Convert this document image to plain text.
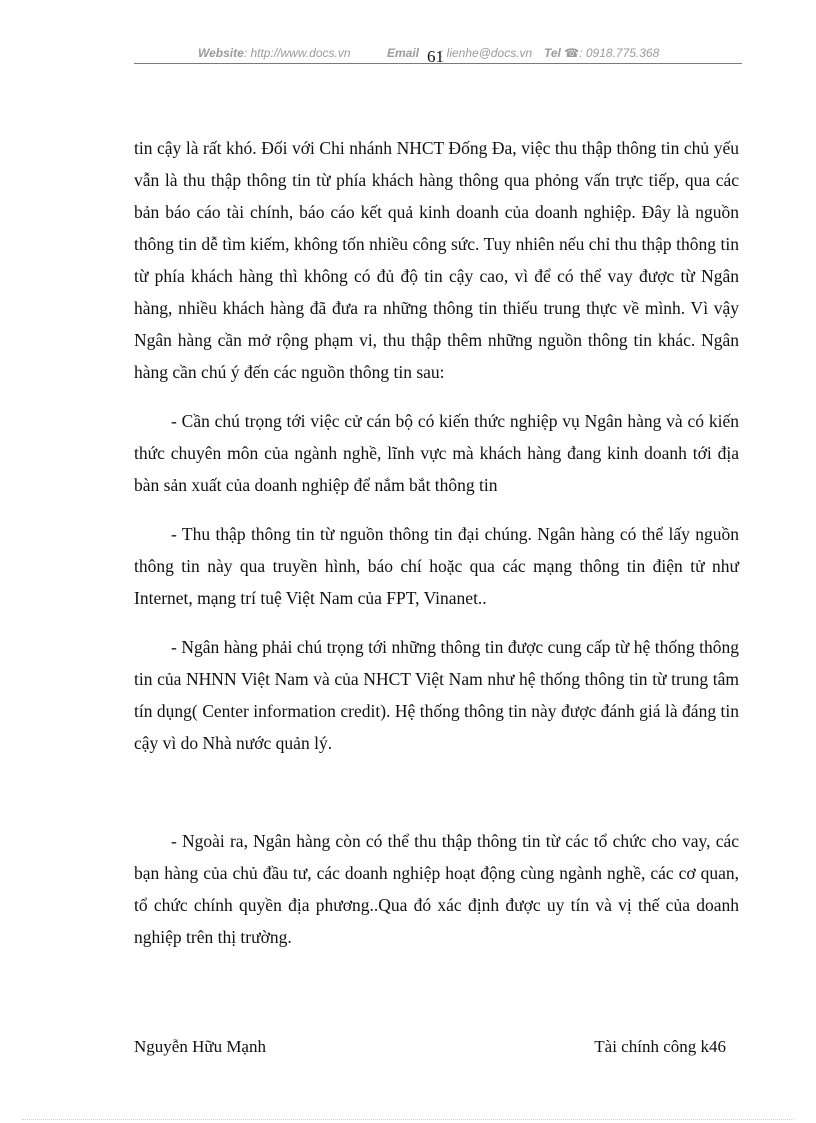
Website: http://www.docs.vn	Email 61
: lienhe@docs.vn Tel ☎: 0918.775.368

tin cậy là rất khó. Đối với Chi nhánh NHCT Đống Đa, việc thu thập thông tin chủ yếu vẫn là thu thập thông tin từ phía khách hàng thông qua phỏng vấn trực tiếp, qua các bản báo cáo tài chính, báo cáo kết quả kinh doanh của doanh nghiệp. Đây là nguồn thông tin dễ tìm kiếm, không tốn nhiều công sức. Tuy nhiên nếu chỉ thu thập thông tin từ phía khách hàng thì không có đủ độ tin cậy cao, vì để có thể vay được từ Ngân hàng, nhiều khách hàng đã đưa ra những thông tin thiếu trung thực về mình. Vì vậy Ngân hàng cần mở rộng phạm vi, thu thập thêm những nguồn thông tin khác. Ngân hàng cần chú ý đến các nguồn thông tin sau:

- Cần chú trọng tới việc cử cán bộ có kiến thức nghiệp vụ Ngân hàng và có kiến thức chuyên môn của ngành nghề, lĩnh vực mà khách hàng đang kinh doanh tới địa bàn sản xuất của doanh nghiệp để nắm bắt thông tin

- Thu thập thông tin từ nguồn thông tin đại chúng. Ngân hàng có thể lấy nguồn thông tin này qua truyền hình, báo chí hoặc qua các mạng thông tin điện tử như Internet, mạng trí tuệ Việt Nam của FPT, Vinanet..

- Ngân hàng phải chú trọng tới những thông tin được cung cấp từ hệ thống thông tin của NHNN Việt Nam và của NHCT Việt Nam như hệ thống thông tin từ trung tâm tín dụng( Center information credit). Hệ thống thông tin này được đánh giá là đáng tin cậy vì do Nhà nước quản lý.

- Ngoài ra, Ngân hàng còn có thể thu thập thông tin từ các tổ chức cho vay, các bạn hàng của chủ đầu tư, các doanh nghiệp hoạt động cùng ngành nghề, các cơ quan, tổ chức chính quyền địa phương..Qua đó xác định được uy tín và vị thế của doanh nghiệp trên thị trường.

Nguyễn Hữu Mạnh	Tài chính công k46
